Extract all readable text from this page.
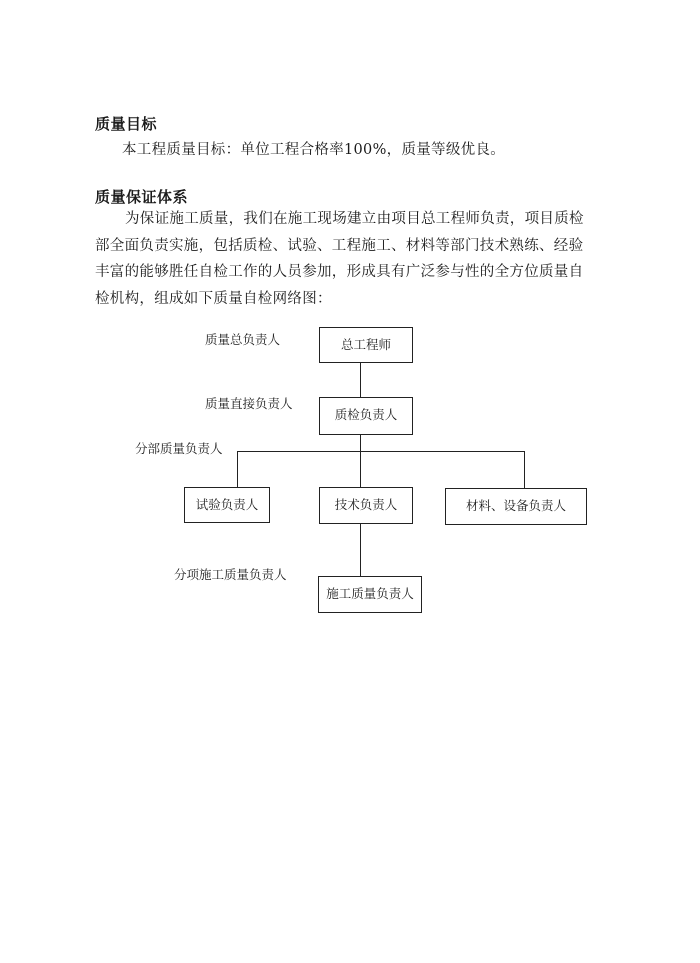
质量目标
本工程质量目标：单位工程合格率100%，质量等级优良。
质量保证体系
为保证施工质量，我们在施工现场建立由项目总工程师负责，项目质检部全面负责实施，包括质检、试验、工程施工、材料等部门技术熟练、经验丰富的能够胜任自检工作的人员参加，形成具有广泛参与性的全方位质量自检机构，组成如下质量自检网络图：
质量总负责人
质量直接负责人
分部质量负责人
分项施工质量负责人
总工程师
质检负责人
试验负责人	技术负责人	材料、设备负责人
施工质量负责人
